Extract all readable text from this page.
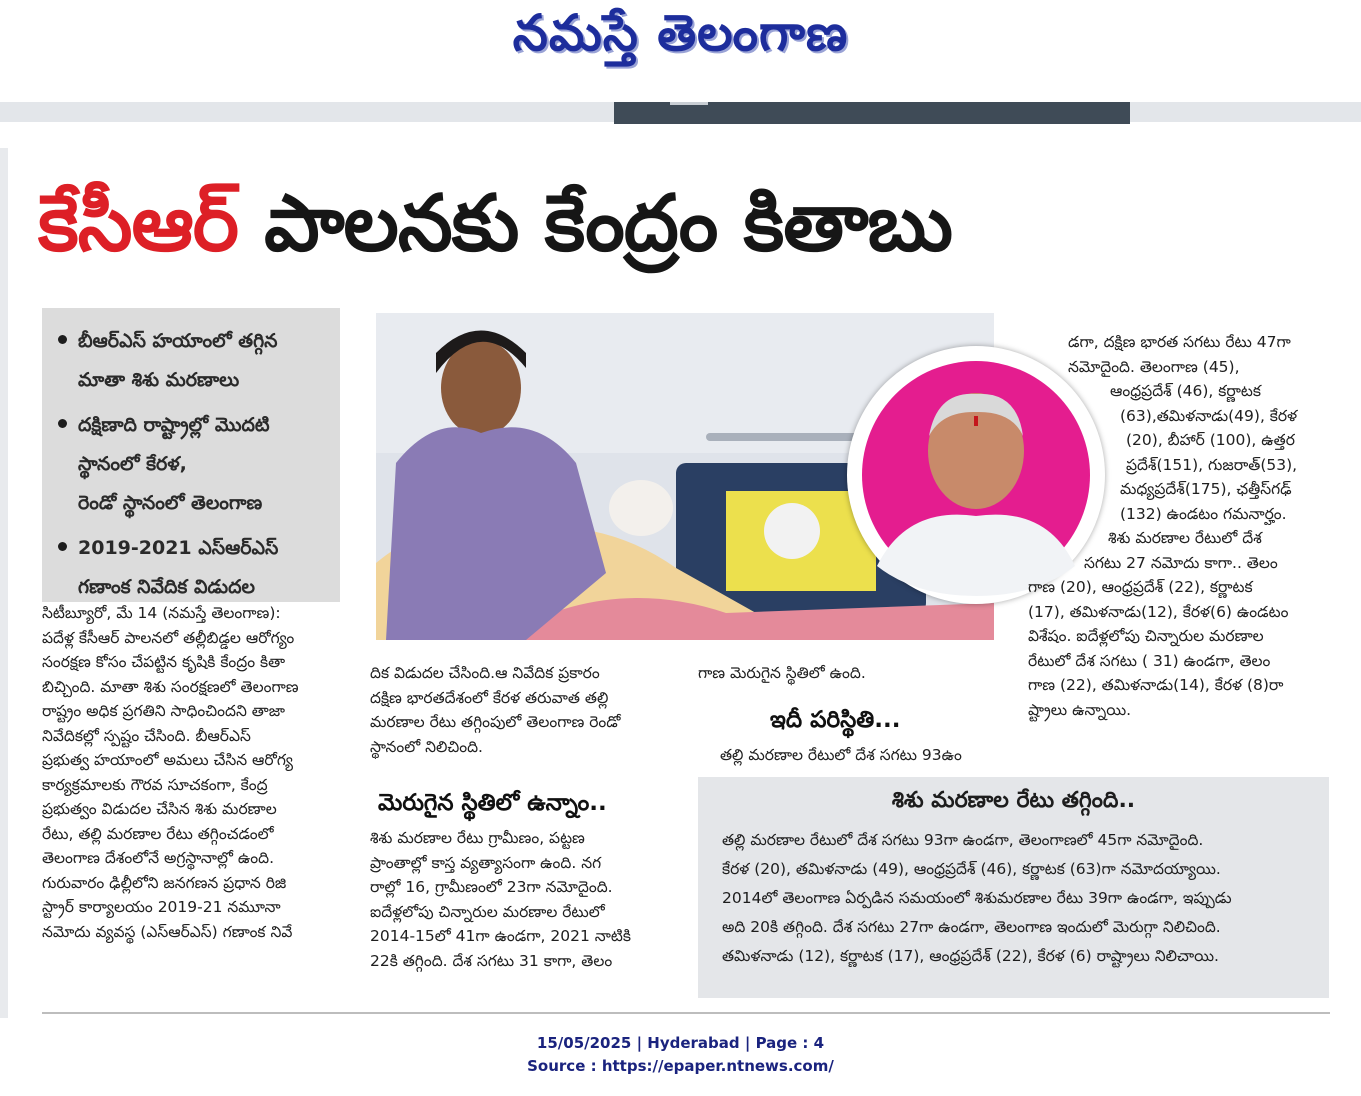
నమస్తే తెలంగాణ
కేసీఆర్ పాలనకు కేంద్రం కితాబు
బీఆర్ఎస్ హయాంలో తగ్గిన
మాతా శిశు మరణాలు
దక్షిణాది రాష్ట్రాల్లో మొదటి
స్థానంలో కేరళ,
రెండో స్థానంలో తెలంగాణ
2019-2021 ఎస్ఆర్ఎస్
గణాంక నివేదిక విడుదల
సిటీబ్యూరో, మే 14 (నమస్తే తెలంగాణ):
పదేళ్ల కేసీఆర్ పాలనలో తల్లీబిడ్డల ఆరోగ్యం
సంరక్షణ కోసం చేపట్టిన కృషికి కేంద్రం కితా
బిచ్చింది. మాతా శిశు సంరక్షణలో తెలంగాణ
రాష్ట్రం అధిక ప్రగతిని సాధించిందని తాజా
నివేదికల్లో స్పష్టం చేసింది. బీఆర్ఎస్
ప్రభుత్వ హయాంలో అమలు చేసిన ఆరోగ్య
కార్యక్రమాలకు గౌరవ సూచకంగా, కేంద్ర
ప్రభుత్వం విడుదల చేసిన శిశు మరణాల
రేటు, తల్లి మరణాల రేటు తగ్గించడంలో
తెలంగాణ దేశంలోనే అగ్రస్థానాల్లో ఉంది.
గురువారం ఢిల్లీలోని జనగణన ప్రధాన రిజి
స్ట్రార్ కార్యాలయం 2019-21 నమూనా
నమోదు వ్యవస్థ (ఎస్ఆర్ఎస్) గణాంక నివే
దిక విడుదల చేసింది.ఆ నివేదిక ప్రకారం
దక్షిణ భారతదేశంలో కేరళ తరువాత తల్లి
మరణాల రేటు తగ్గింపులో తెలంగాణ రెండో
స్థానంలో నిలిచింది.
మెరుగైన స్థితిలో ఉన్నాం..
శిశు మరణాల రేటు గ్రామీణం, పట్టణ
ప్రాంతాల్లో కాస్త వ్యత్యాసంగా ఉంది. నగ
రాల్లో 16, గ్రామీణంలో 23గా నమోదైంది.
ఐదేళ్లలోపు చిన్నారుల మరణాల రేటులో
2014-15లో 41గా ఉండగా, 2021 నాటికి
22కి తగ్గింది. దేశ సగటు 31 కాగా, తెలం
గాణ మెరుగైన స్థితిలో ఉంది.
ఇదీ పరిస్థితి...
తల్లి మరణాల రేటులో దేశ సగటు 93ఉం
డగా, దక్షిణ భారత సగటు రేటు 47గా
నమోదైంది. తెలంగాణ (45),
ఆంధ్రప్రదేశ్ (46), కర్ణాటక
(63),తమిళనాడు(49), కేరళ
(20), బీహార్ (100), ఉత్తర
ప్రదేశ్(151), గుజరాత్(53),
మధ్యప్రదేశ్(175), ఛత్తీస్‌గఢ్
(132) ఉండటం గమనార్హం.
శిశు మరణాల రేటులో దేశ
సగటు 27 నమోదు కాగా.. తెలం
గాణ (20), ఆంధ్రప్రదేశ్ (22), కర్ణాటక
(17), తమిళనాడు(12), కేరళ(6) ఉండటం
విశేషం. ఐదేళ్లలోపు చిన్నారుల మరణాల
రేటులో దేశ సగటు ( 31) ఉండగా, తెలం
గాణ (22), తమిళనాడు(14), కేరళ (8)రా
ష్ట్రాలు ఉన్నాయి.
శిశు మరణాల రేటు తగ్గింది..
తల్లి మరణాల రేటులో దేశ సగటు 93గా ఉండగా, తెలంగాణలో 45గా నమోదైంది.
కేరళ (20), తమిళనాడు (49), ఆంధ్రప్రదేశ్ (46), కర్ణాటక (63)గా నమోదయ్యాయి.
2014లో తెలంగాణ ఏర్పడిన సమయంలో శిశుమరణాల రేటు 39గా ఉండగా, ఇప్పుడు
అది 20కి తగ్గింది. దేశ సగటు 27గా ఉండగా, తెలంగాణ ఇందులో మెరుగ్గా నిలిచింది.
తమిళనాడు (12), కర్ణాటక (17), ఆంధ్రప్రదేశ్ (22), కేరళ (6) రాష్ట్రాలు నిలిచాయి.
15/05/2025 | Hyderabad | Page : 4
Source : https://epaper.ntnews.com/
